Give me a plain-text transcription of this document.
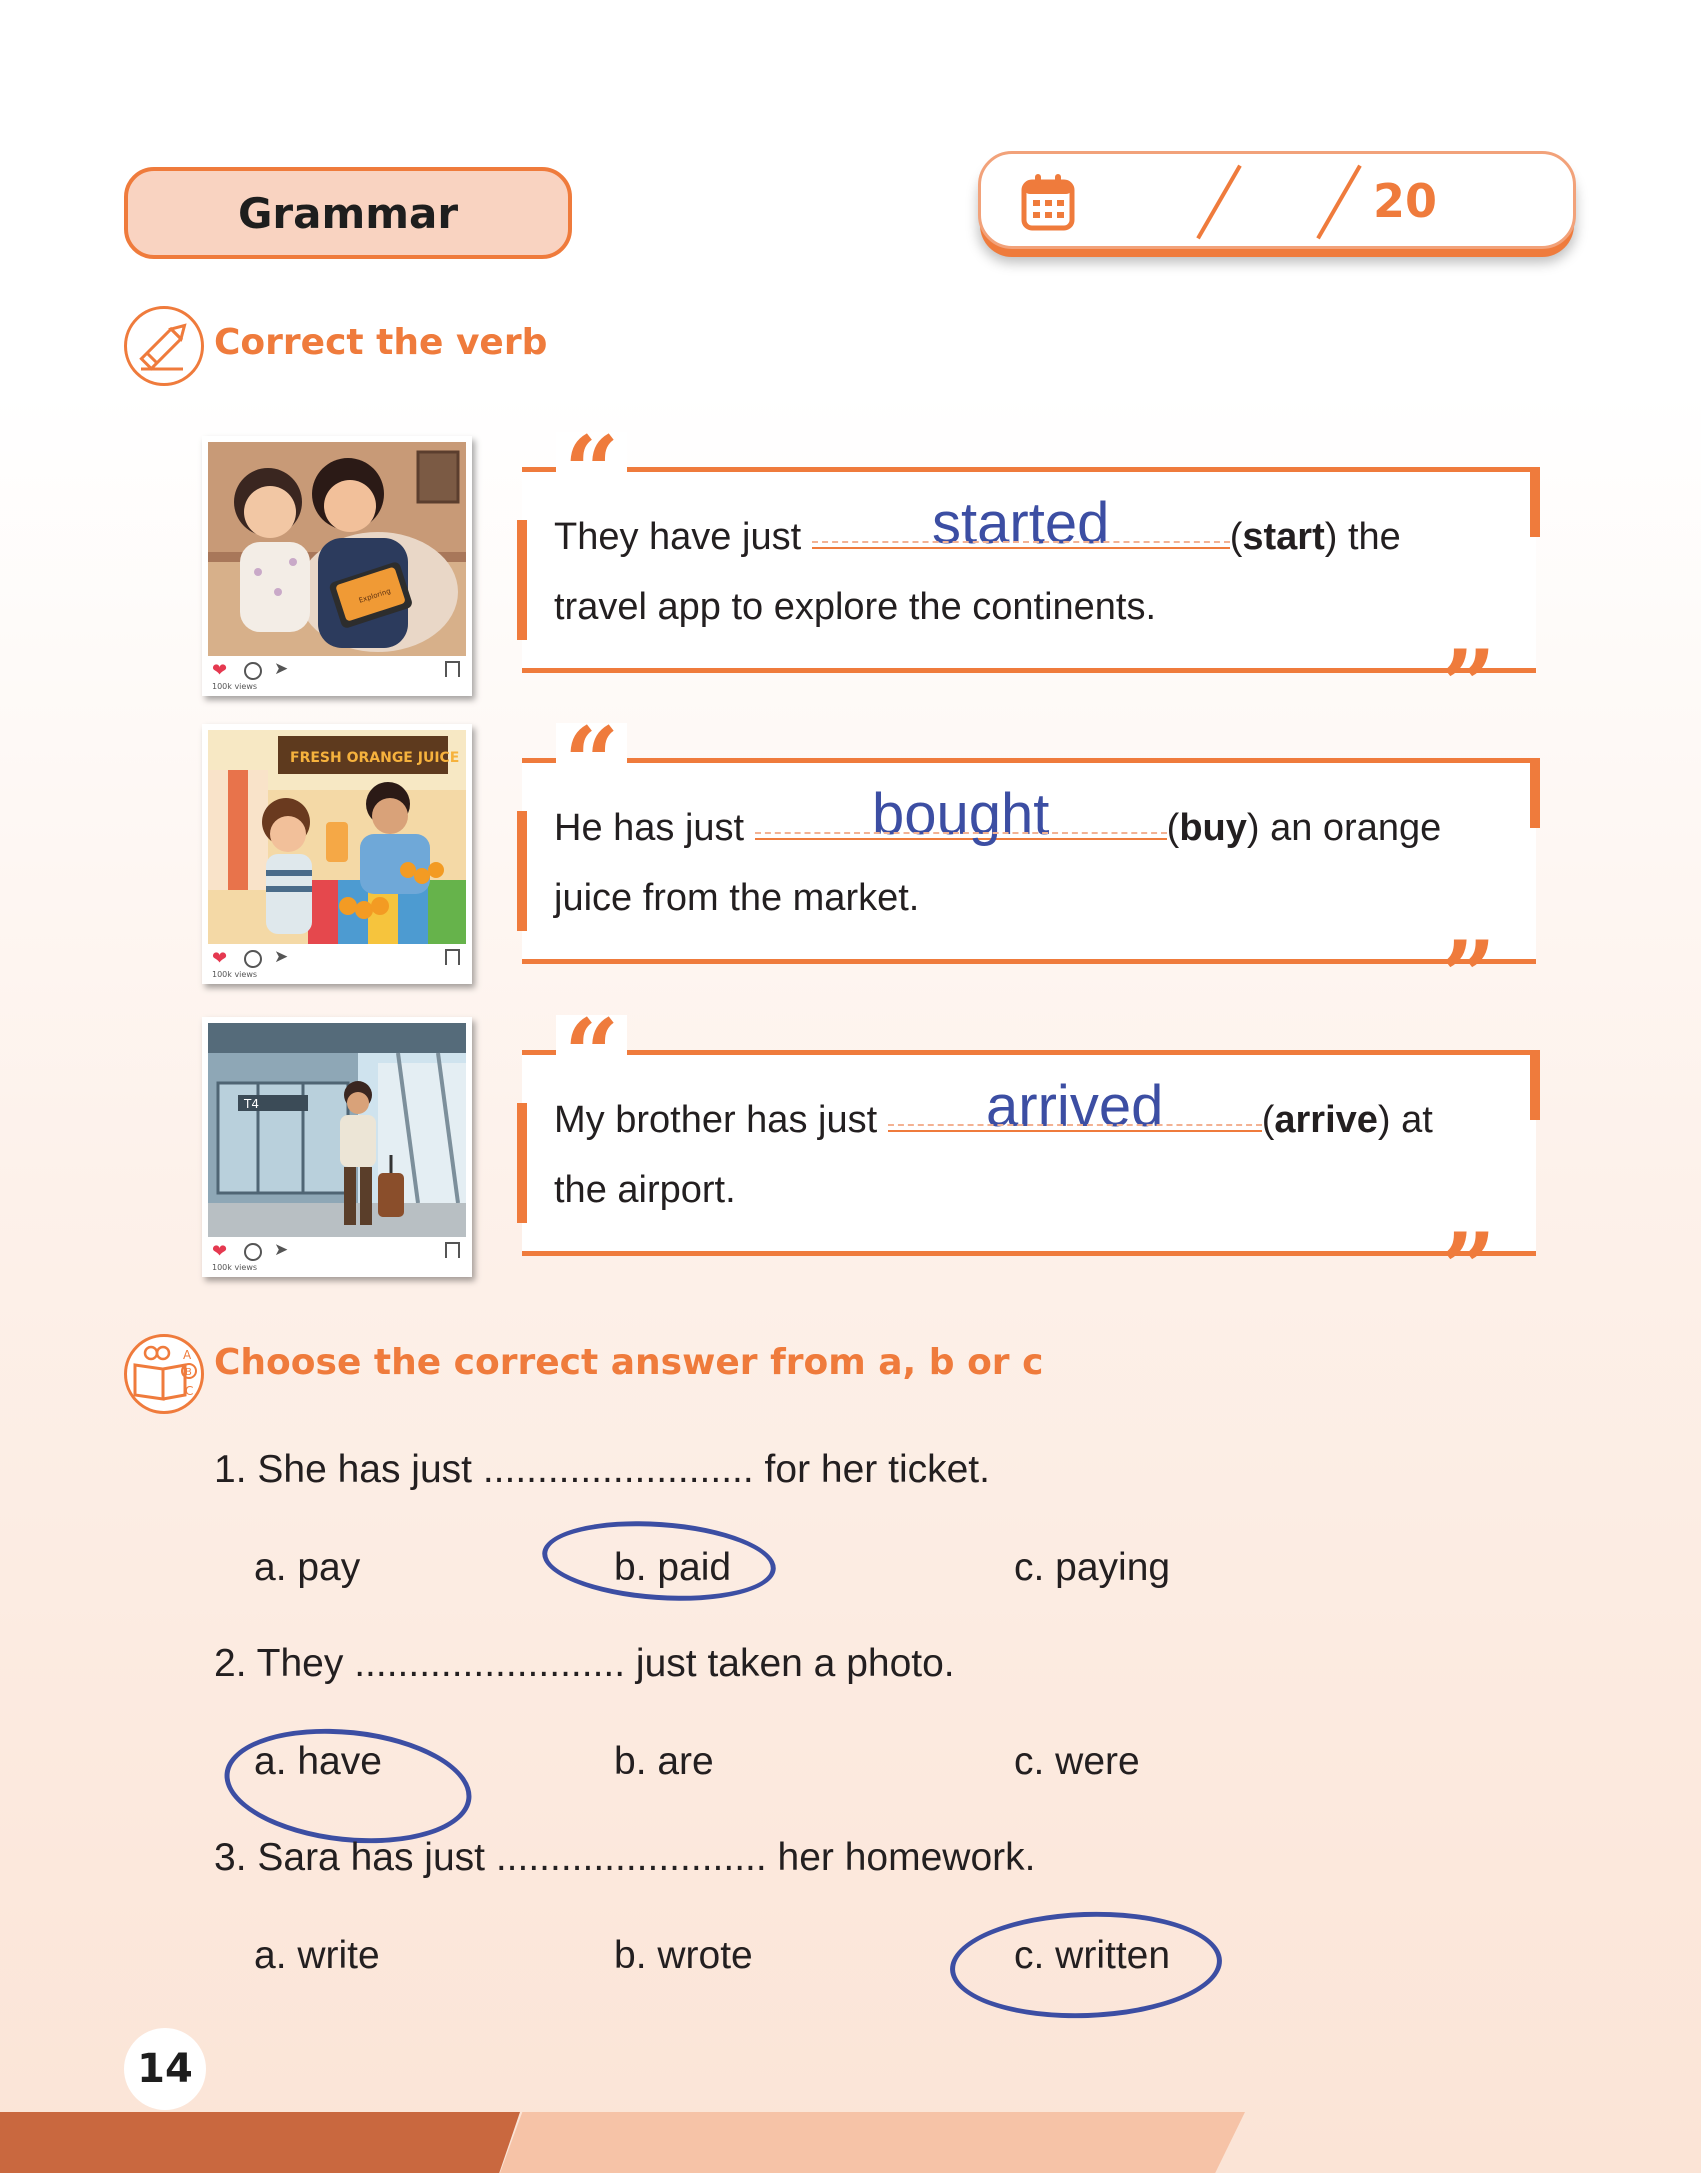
Grammar	20
Correct the verb
Exploring
❤	➤
100k views
FRESH ORANGE JUICE
❤	➤
100k views
T4
❤	➤
100k views
“
”
They have just	started	(start) the
travel app to explore the continents.
“
”
He has just	bought	(buy) an orange
juice from the market.
“
”
My brother has just	arrived	(arrive) at
the airport.
A
B
C
Choose the correct answer from a, b or c
1. She has just ......................... for her ticket.
a. pay	b. paid	c. paying
2. They ......................... just taken a photo.
a. have	b. are	c. were
3. Sara has just ......................... her homework.
a. write	b. wrote	c. written
14
